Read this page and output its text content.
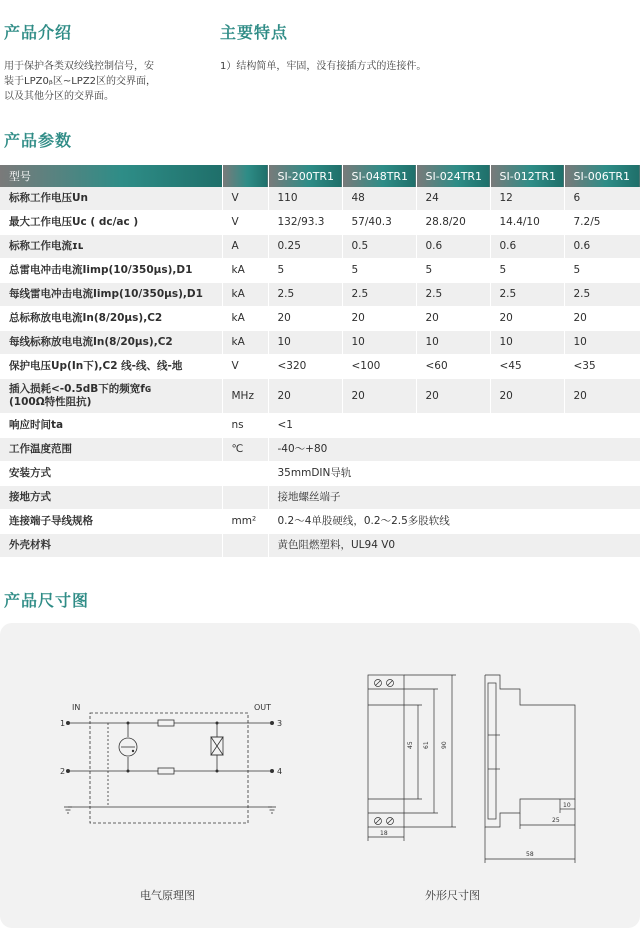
产品介绍
用于保护各类双绞线控制信号，安
装于LPZ0ᵦ区~LPZ2区的交界面，
以及其他分区的交界面。
主要特点
1）结构简单，牢固，没有接插方式的连接件。
产品参数
型号		SI-200TR1	SI-048TR1	SI-024TR1	SI-012TR1	SI-006TR1

标称工作电压Un	V	110	48	24	12	6

最大工作电压Uc ( dc/ac )	V	132/93.3	57/40.3	28.8/20	14.4/10	7.2/5

标称工作电流ɪʟ	A	0.25	0.5	0.6	0.6	0.6

总雷电冲击电流Iimp(10/350μs),D1	kA	5	5	5	5	5

每线雷电冲击电流Iimp(10/350μs),D1	kA	2.5	2.5	2.5	2.5	2.5

总标称放电电流In(8/20μs),C2	kA	20	20	20	20	20

每线标称放电电流In(8/20μs),C2	kA	10	10	10	10	10

保护电压Up(In下),C2 线-线、线-地	V	<320	<100	<60	<45	<35

插入损耗<-0.5dB下的频宽fɢ
(100Ω特性阻抗)	MHz	20	20	20	20	20

响应时间ta	ns	<1				

工作温度范围	℃	-40～+80				

安装方式		35mmDIN导轨				

接地方式		接地螺丝端子				

连接端子导线规格	mm²	0.2～4单股硬线，0.2～2.5多股软线				

外壳材料		黄色阻燃塑料，UL94 V0				
产品尺寸图
IN	OUT
1
2
3
4
45 61 90
18
25
58
10
电气原理图	外形尺寸图
